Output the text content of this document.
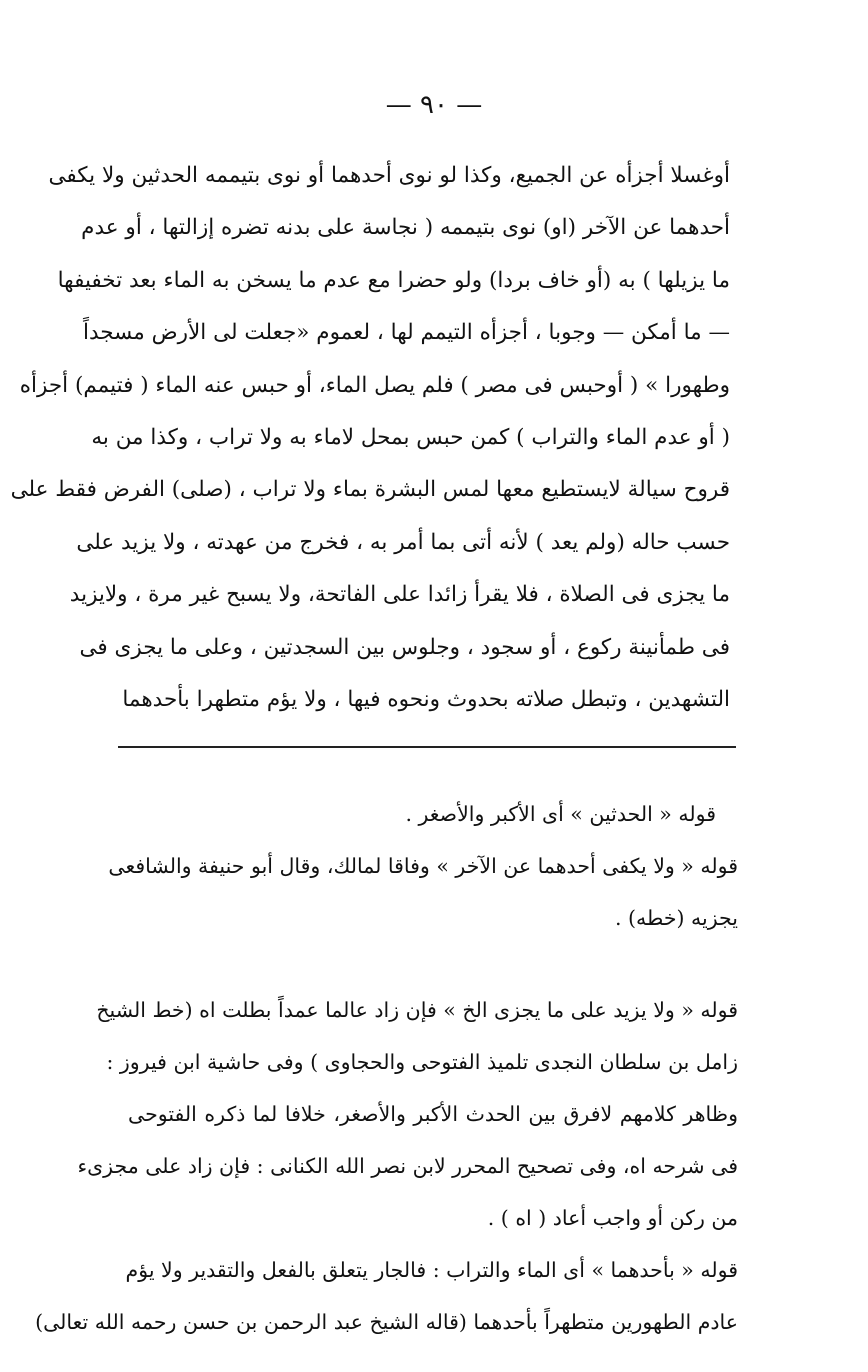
— ٩٠ —
أوغسلا أجزأه عن الجميع، وكذا لو نوى أحدهما أو نوى بتيممه الحدثين ولا يكفى
أحدهما عن الآخر (او) نوى بتيممه ( نجاسة على بدنه تضره إزالتها ، أو عدم
ما يزيلها ) به (أو خاف بردا) ولو حضرا مع عدم ما يسخن به الماء بعد تخفيفها
— ما أمكن — وجوبا ، أجزأه التيمم لها ، لعموم «جعلت لى الأرض مسجداً
وطهورا » ( أوحبس فى مصر ) فلم يصل الماء، أو حبس عنه الماء ( فتيمم) أجزأه
( أو عدم الماء والتراب ) كمن حبس بمحل لاماء به ولا تراب ، وكذا من به
قروح سيالة لايستطيع معها لمس البشرة بماء ولا تراب ، (صلى) الفرض فقط على
حسب حاله (ولم يعد ) لأنه أتى بما أمر به ، فخرج من عهدته ، ولا يزيد على
ما يجزى فى الصلاة ، فلا يقرأ زائدا على الفاتحة، ولا يسبح غير مرة ، ولايزيد
فى طمأنينة ركوع ، أو سجود ، وجلوس بين السجدتين ، وعلى ما يجزى فى
التشهدين ، وتبطل صلاته بحدوث ونحوه فيها ، ولا يؤم متطهرا بأحدهما
قوله « الحدثين » أى الأكبر والأصغر .
قوله « ولا يكفى أحدهما عن الآخر » وفاقا لمالك، وقال أبو حنيفة والشافعى
يجزيه (خطه) .
قوله « ولا يزيد على ما يجزى الخ » فإن زاد عالما عمداً بطلت اه (خط الشيخ
زامل بن سلطان النجدى تلميذ الفتوحى والحجاوى ) وفى حاشية ابن فيروز :
وظاهر كلامهم لافرق بين الحدث الأكبر والأصغر، خلافا لما ذكره الفتوحى
فى شرحه اه، وفى تصحيح المحرر لابن نصر الله الكنانى : فإن زاد على مجزىء
من ركن أو واجب أعاد ( اه ) .
قوله « بأحدهما » أى الماء والتراب : فالجار يتعلق بالفعل والتقدير ولا يؤم
عادم الطهورين متطهراً بأحدهما (قاله الشيخ عبد الرحمن بن حسن رحمه الله تعالى)
